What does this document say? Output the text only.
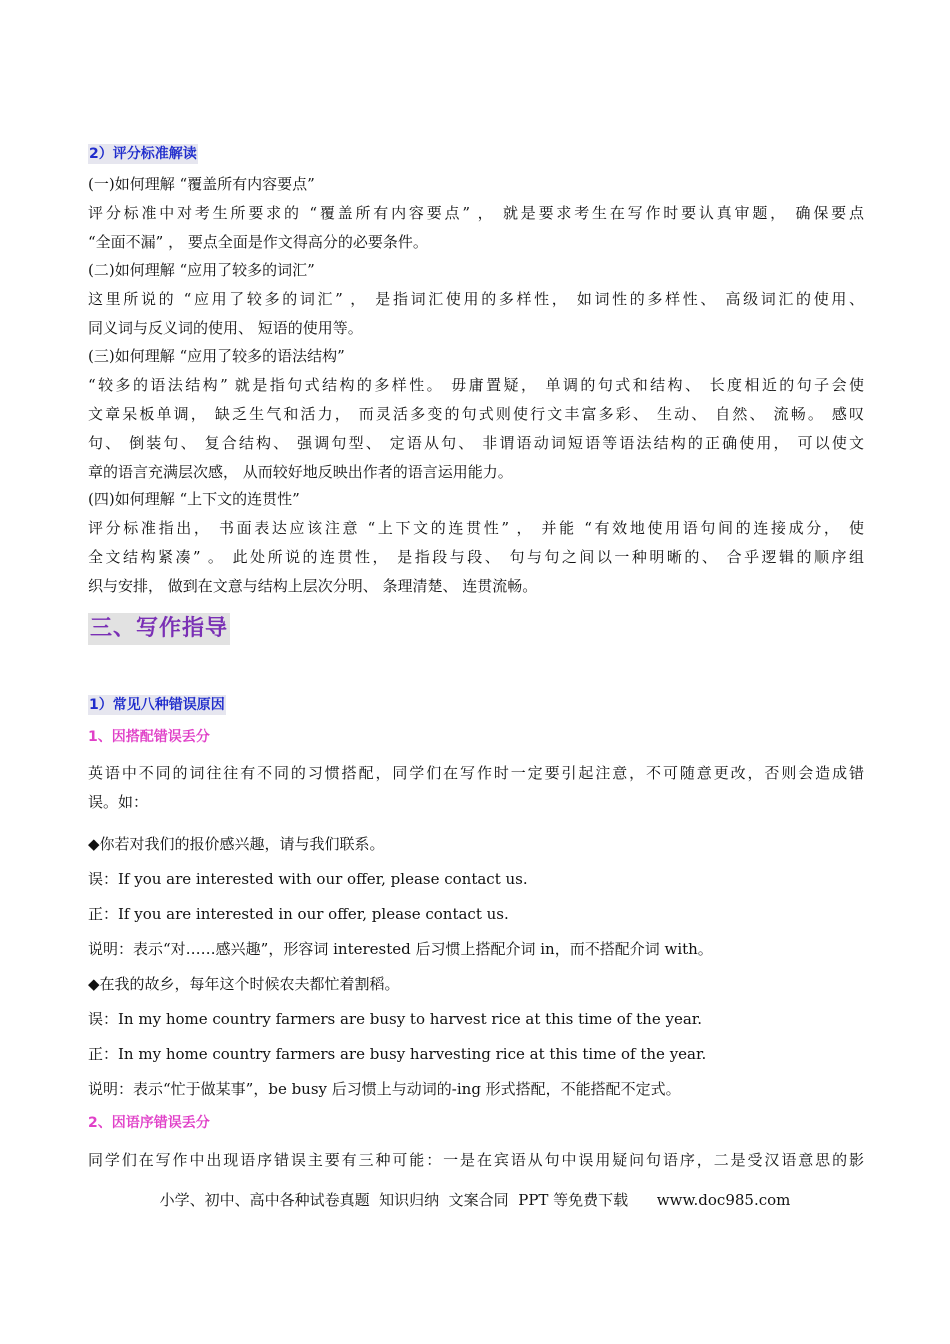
2）评分标准解读
(一)如何理解 “覆盖所有内容要点”
评分标准中对考生所要求的 “覆盖所有内容要点” ， 就是要求考生在写作时要认真审题， 确保要点
“全面不漏” ， 要点全面是作文得高分的必要条件。
(二)如何理解 “应用了较多的词汇”
这里所说的 “应用了较多的词汇” ， 是指词汇使用的多样性， 如词性的多样性、 高级词汇的使用、
同义词与反义词的使用、 短语的使用等。
(三)如何理解 “应用了较多的语法结构”
“较多的语法结构” 就是指句式结构的多样性。 毋庸置疑， 单调的句式和结构、 长度相近的句子会使
文章呆板单调， 缺乏生气和活力， 而灵活多变的句式则使行文丰富多彩、 生动、 自然、 流畅。 感叹
句、 倒装句、 复合结构、 强调句型、 定语从句、 非谓语动词短语等语法结构的正确使用， 可以使文
章的语言充满层次感， 从而较好地反映出作者的语言运用能力。
(四)如何理解 “上下文的连贯性”
评分标准指出， 书面表达应该注意 “上下文的连贯性” ， 并能 “有效地使用语句间的连接成分， 使
全文结构紧凑” 。 此处所说的连贯性， 是指段与段、 句与句之间以一种明晰的、 合乎逻辑的顺序组
织与安排， 做到在文意与结构上层次分明、 条理清楚、 连贯流畅。
三、写作指导
1）常见八种错误原因
1、因搭配错误丢分
英语中不同的词往往有不同的习惯搭配，同学们在写作时一定要引起注意，不可随意更改，否则会造成错
误。如：
◆你若对我们的报价感兴趣，请与我们联系。
误：If you are interested with our offer, please contact us.
正：If you are interested in our offer, please contact us.
说明：表示“对……感兴趣”，形容词 interested 后习惯上搭配介词 in，而不搭配介词 with。
◆在我的故乡，每年这个时候农夫都忙着割稻。
误：In my home country farmers are busy to harvest rice at this time of the year.
正：In my home country farmers are busy harvesting rice at this time of the year.
说明：表示“忙于做某事”，be busy 后习惯上与动词的-ing 形式搭配，不能搭配不定式。
2、因语序错误丢分
同学们在写作中出现语序错误主要有三种可能：一是在宾语从句中误用疑问句语序，二是受汉语意思的影
小学、初中、高中各种试卷真题  知识归纳  文案合同  PPT 等免费下载      www.doc985.com
